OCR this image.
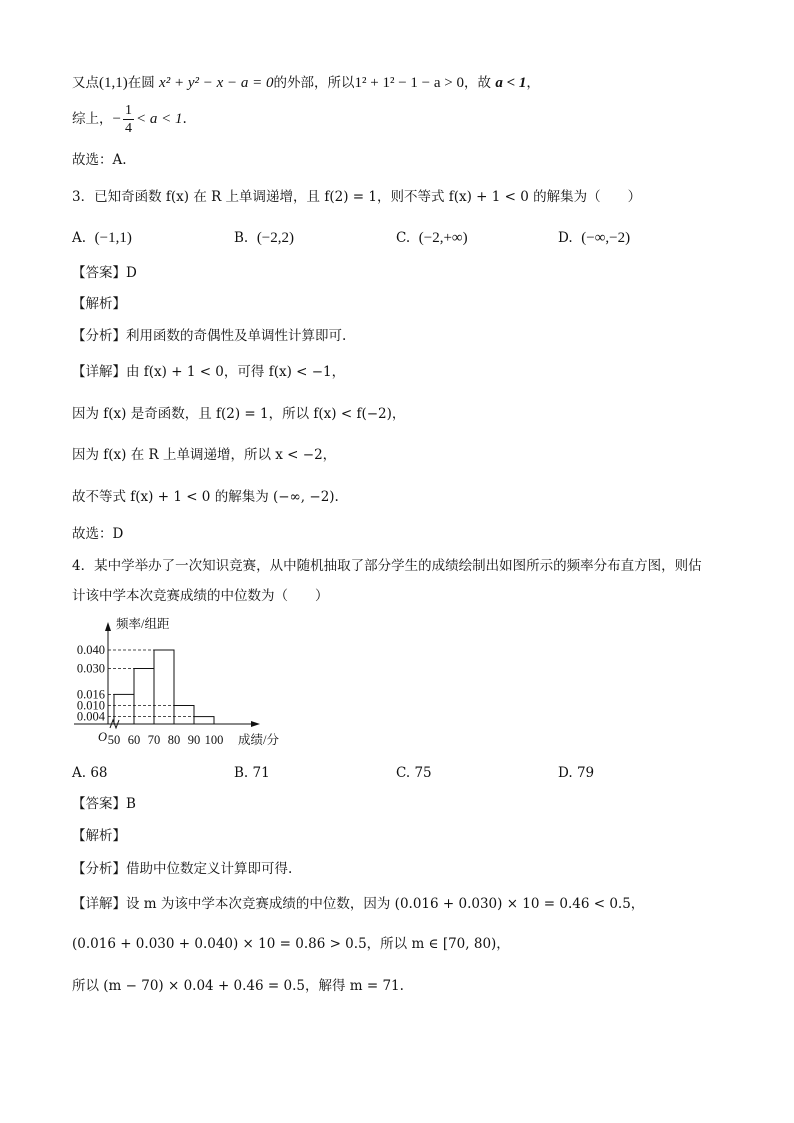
又点(1,1)在圆 x² + y² − x − a = 0的外部，所以1² + 1² − 1 − a > 0，故 a < 1，
综上，− $\frac{1}{4} < a < 1$.
故选：A.
3．已知奇函数 f(x) 在 R 上单调递增，且 f(2) = 1，则不等式 f(x) + 1 < 0 的解集为（　　）
A. (−1,1)	B. (−2,2)	C. (−2,+∞)	D. (−∞,−2)
【答案】D
【解析】
【分析】利用函数的奇偶性及单调性计算即可.
【详解】由 f(x) + 1 < 0，可得 f(x) < −1，
因为 f(x) 是奇函数，且 f(2) = 1，所以 f(x) < f(−2)，
因为 f(x) 在 R 上单调递增，所以 x < −2，
故不等式 f(x) + 1 < 0 的解集为 (−∞, −2).
故选：D
4．某中学举办了一次知识竞赛，从中随机抽取了部分学生的成绩绘制出如图所示的频率分布直方图，则估
计该中学本次竞赛成绩的中位数为（　　）
0.004
0.010
0.016
0.030
0.040
50 60 70 80 90 100
O
频率/组距
成绩/分
A. 68	B. 71	C. 75	D. 79
【答案】B
【解析】
【分析】借助中位数定义计算即可得.
【详解】设 m 为该中学本次竞赛成绩的中位数，因为 (0.016 + 0.030) × 10 = 0.46 < 0.5，
(0.016 + 0.030 + 0.040) × 10 = 0.86 > 0.5，所以 m ∈ [70, 80)，
所以 (m − 70) × 0.04 + 0.46 = 0.5，解得 m = 71.
